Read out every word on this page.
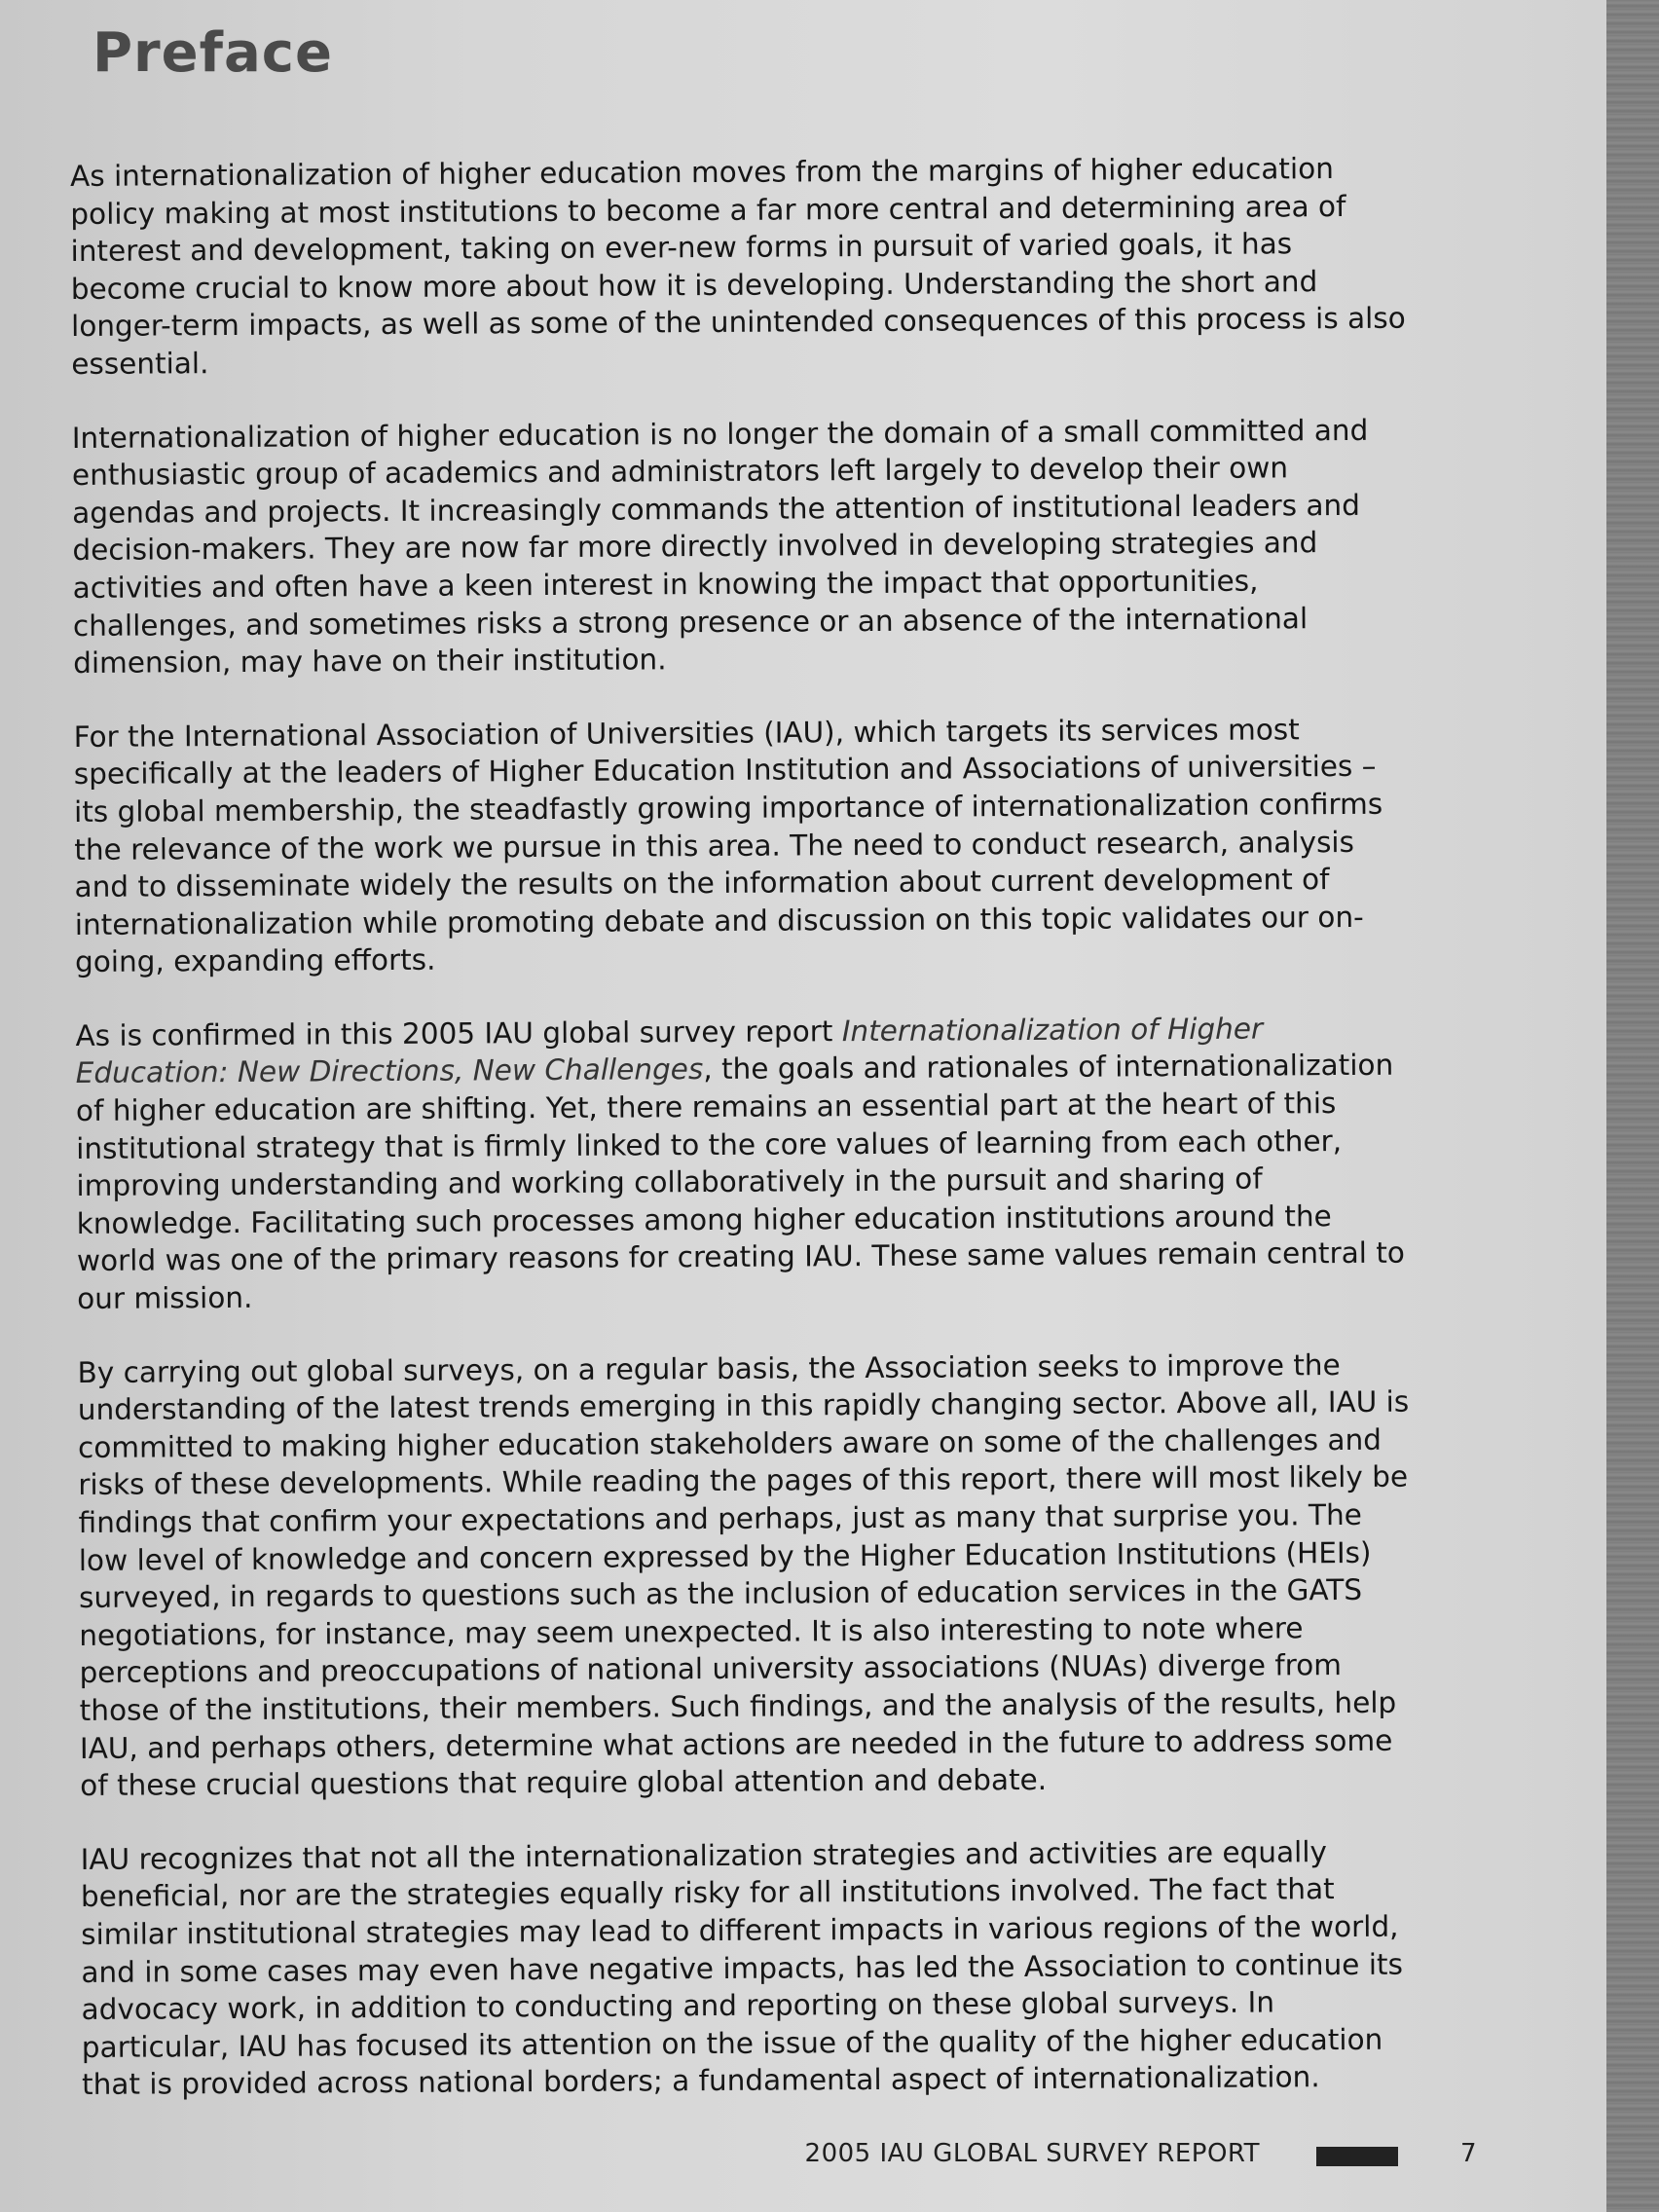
Preface

As internationalization of higher education moves from the margins of higher education policy making at most institutions to become a far more central and determining area of interest and development, taking on ever-new forms in pursuit of varied goals, it has become crucial to know more about how it is developing. Understanding the short and longer-term impacts, as well as some of the unintended consequences of this process is also essential.

Internationalization of higher education is no longer the domain of a small committed and enthusiastic group of academics and administrators left largely to develop their own agendas and projects. It increasingly commands the attention of institutional leaders and decision-makers. They are now far more directly involved in developing strategies and activities and often have a keen interest in knowing the impact that opportunities, challenges, and sometimes risks a strong presence or an absence of the international dimension, may have on their institution.

For the International Association of Universities (IAU), which targets its services most specifically at the leaders of Higher Education Institution and Associations of universities – its global membership, the steadfastly growing importance of internationalization confirms the relevance of the work we pursue in this area. The need to conduct research, analysis and to disseminate widely the results on the information about current development of internationalization while promoting debate and discussion on this topic validates our on-going, expanding efforts.

As is confirmed in this 2005 IAU global survey report Internationalization of Higher Education: New Directions, New Challenges, the goals and rationales of internationalization of higher education are shifting. Yet, there remains an essential part at the heart of this institutional strategy that is firmly linked to the core values of learning from each other, improving understanding and working collaboratively in the pursuit and sharing of knowledge. Facilitating such processes among higher education institutions around the world was one of the primary reasons for creating IAU. These same values remain central to our mission.

By carrying out global surveys, on a regular basis, the Association seeks to improve the understanding of the latest trends emerging in this rapidly changing sector. Above all, IAU is committed to making higher education stakeholders aware on some of the challenges and risks of these developments. While reading the pages of this report, there will most likely be findings that confirm your expectations and perhaps, just as many that surprise you. The low level of knowledge and concern expressed by the Higher Education Institutions (HEIs) surveyed, in regards to questions such as the inclusion of education services in the GATS negotiations, for instance, may seem unexpected. It is also interesting to note where perceptions and preoccupations of national university associations (NUAs) diverge from those of the institutions, their members. Such findings, and the analysis of the results, help IAU, and perhaps others, determine what actions are needed in the future to address some of these crucial questions that require global attention and debate.

IAU recognizes that not all the internationalization strategies and activities are equally beneficial, nor are the strategies equally risky for all institutions involved. The fact that similar institutional strategies may lead to different impacts in various regions of the world, and in some cases may even have negative impacts, has led the Association to continue its advocacy work, in addition to conducting and reporting on these global surveys. In particular, IAU has focused its attention on the issue of the quality of the higher education that is provided across national borders; a fundamental aspect of internationalization.

2005 IAU GLOBAL SURVEY REPORT	7
